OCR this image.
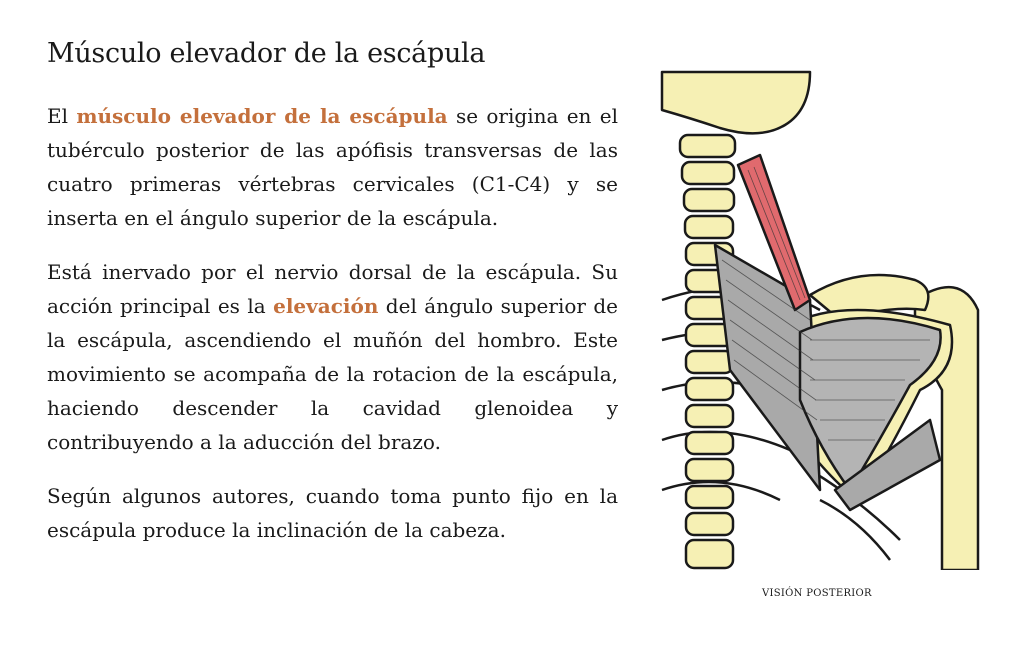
Músculo elevador de la escápula

El músculo elevador de la escápula se origina en el tubérculo posterior de las apófisis transversas de las cuatro primeras vértebras cervicales (C1-C4) y se inserta en el ángulo superior de la escápula.

Está inervado por el nervio dorsal de la escápula. Su acción principal es la elevación del ángulo superior de la escápula, ascendiendo el muñón del hombro. Este movimiento se acompaña de la rotacion de la escápula, haciendo descender la cavidad glenoidea y contribuyendo a la aducción del brazo.

Según algunos autores, cuando toma punto fijo en la escápula produce la inclinación de la cabeza.

VISIÓN POSTERIOR
